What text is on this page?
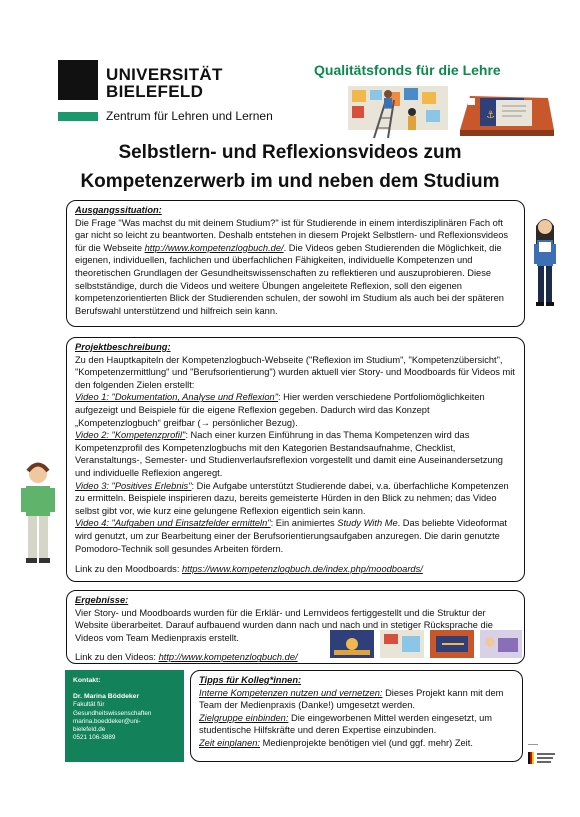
UNIVERSITÄT
BIELEFELD
Zentrum für Lehren und Lernen
Qualitätsfonds für die Lehre
⚓
Selbstlern- und Reflexionsvideos zum
Kompetenzerwerb im und neben dem Studium

Ausgangssituation:

Die Frage "Was machst du mit deinem Studium?" ist für Studierende in einem interdisziplinären Fach oft gar nicht so leicht zu beantworten. Deshalb entstehen in diesem Projekt Selbstlern- und Reflexionsvideos für die Webseite http://www.kompetenzlogbuch.de/. Die Videos geben Studierenden die Möglichkeit, die eigenen, individuellen, fachlichen und überfachlichen Fähigkeiten, individuelle Kompetenzen und theoretischen Grundlagen der Gesundheitswissenschaften zu reflektieren und auszuprobieren. Diese selbstständige, durch die Videos und weitere Übungen angeleitete Reflexion, soll den eigenen kompetenzorientierten Blick der Studierenden schulen, der sowohl im Studium als auch bei der späteren Berufswahl unterstützend und hilfreich sein kann.

Projektbeschreibung:

Zu den Hauptkapiteln der Kompetenzlogbuch-Webseite ("Reflexion im Studium", "Kompetenzübersicht", "Kompetenzermittlung" und "Berufsorientierung") wurden aktuell vier Story- und Moodboards für Videos mit den folgenden Zielen erstellt:

Video 1: "Dokumentation, Analyse und Reflexion": Hier werden verschiedene Portfoliomöglichkeiten aufgezeigt und Beispiele für die eigene Reflexion gegeben. Dadurch wird das Konzept „Kompetenzlogbuch“ greifbar (→ persönlicher Bezug).

Video 2: "Kompetenzprofil": Nach einer kurzen Einführung in das Thema Kompetenzen wird das Kompetenzprofil des Kompetenzlogbuchs mit den Kategorien Bestandsaufnahme, Checklist, Veranstaltungs-, Semester- und Studienverlaufsreflexion vorgestellt und damit eine Auseinandersetzung und individuelle Reflexion angeregt.

Video 3: "Positives Erlebnis": Die Aufgabe unterstützt Studierende dabei, v.a. überfachliche Kompetenzen zu ermitteln. Beispiele inspirieren dazu, bereits gemeisterte Hürden in den Blick zu nehmen; das Video selbst gibt vor, wie kurz eine gelungene Reflexion eigentlich sein kann.

Video 4: "Aufgaben und Einsatzfelder ermitteln": Ein animiertes Study With Me. Das beliebte Videoformat wird genutzt, um zur Bearbeitung einer der Berufsorientierungsaufgaben anzuregen. Die darin genutzte Pomodoro-Technik soll gesundes Arbeiten fördern.

Link zu den Moodboards: https://www.kompetenzlogbuch.de/index.php/moodboards/

Ergebnisse:

Vier Story- und Moodboards wurden für die Erklär- und Lernvideos fertiggestellt und die Struktur der Website überarbeitet. Darauf aufbauend wurden dann nach und nach und in stetiger Rücksprache die Videos vom Team Medienpraxis erstellt.

Link zu den Videos: http://www.kompetenzlogbuch.de/

Kontakt:
Dr. Marina Böddeker
Fakultät für
Gesundheitswissenschaften
marina.boeddeker@uni-
bielefeld.de
0521 106-3889

Tipps für Kolleg*innen:

Interne Kompetenzen nutzen und vernetzen: Dieses Projekt kann mit dem Team der Medienpraxis (Danke!) umgesetzt werden.

Zielgruppe einbinden: Die eingeworbenen Mittel werden eingesetzt, um studentische Hilfskräfte und deren Expertise einzubinden.

Zeit einplanen: Medienprojekte benötigen viel (und ggf. mehr) Zeit.
